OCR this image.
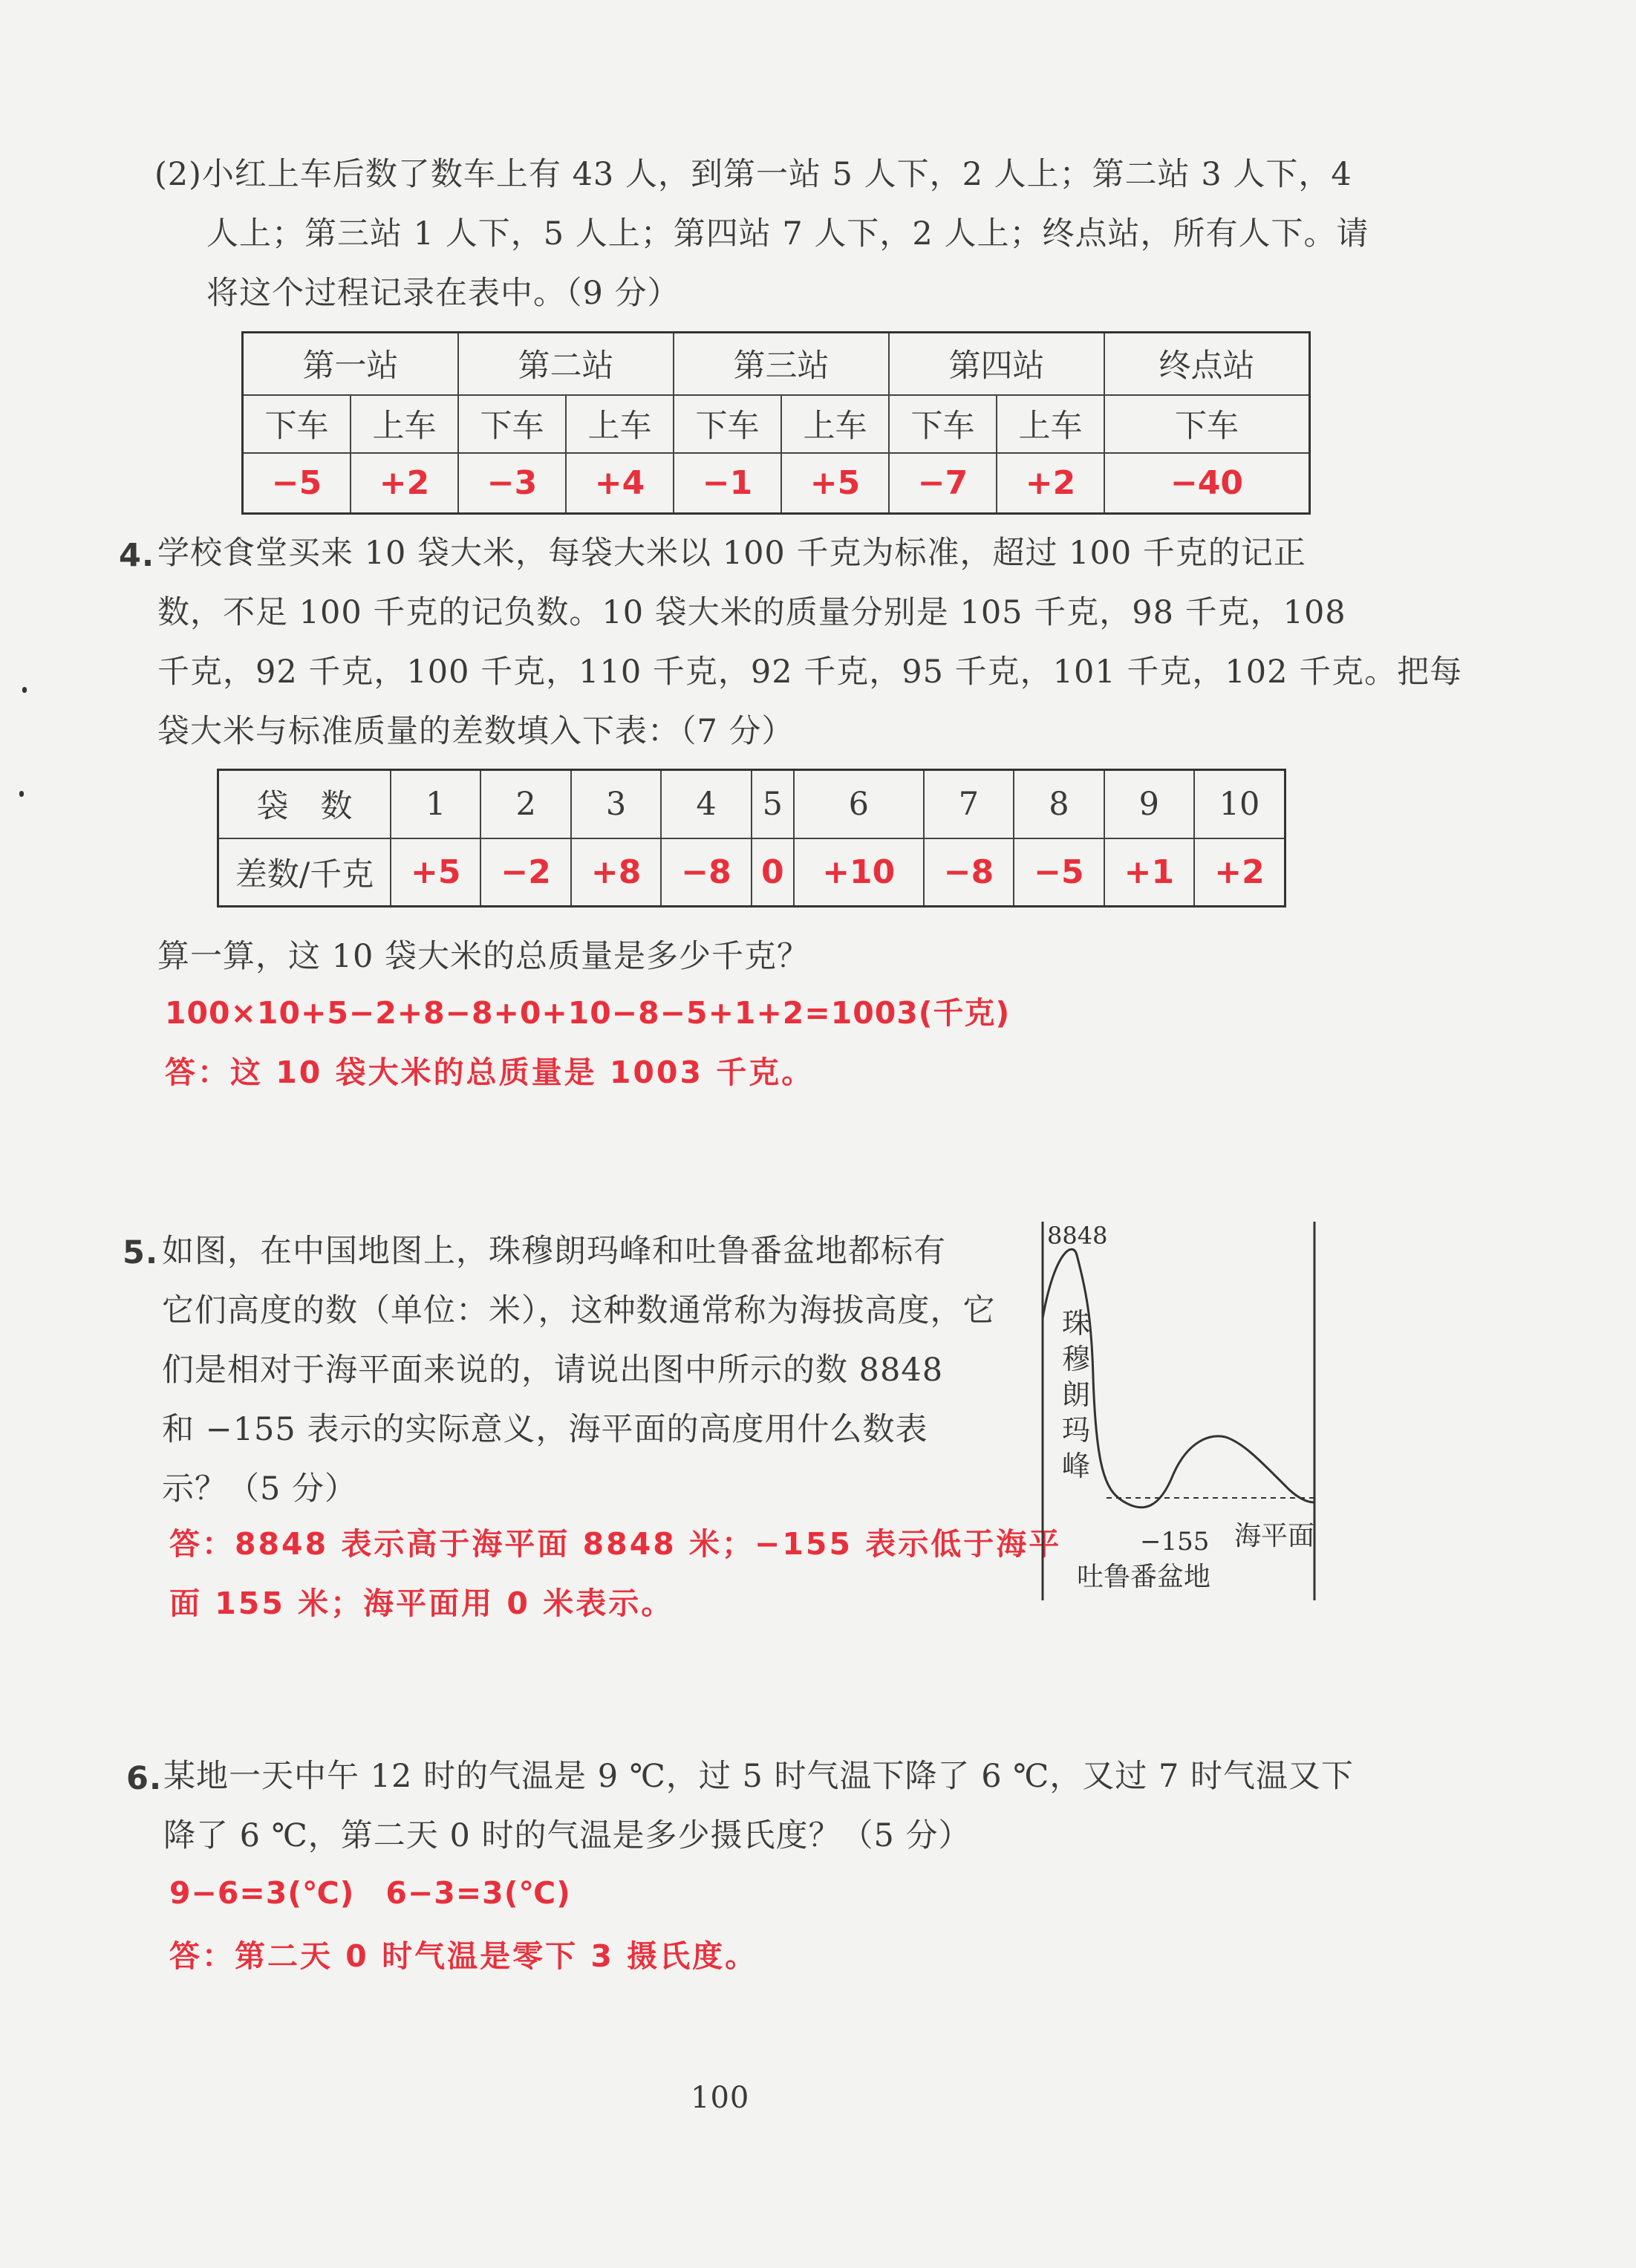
(2)小红上车后数了数车上有 43 人，到第一站 5 人下，2 人上；第二站 3 人下，4
人上；第三站 1 人下，5 人上；第四站 7 人下，2 人上；终点站，所有人下。请
将这个过程记录在表中。（9 分）
第一站		第二站		第三站		第四站		终点站
下车	上车	下车	上车	下车	上车	下车	上车	下车
−5	+2	−3	+4	−1	+5	−7	+2	−40
4. 学校食堂买来 10 袋大米，每袋大米以 100 千克为标准，超过 100 千克的记正
数，不足 100 千克的记负数。10 袋大米的质量分别是 105 千克，98 千克，108
千克，92 千克，100 千克，110 千克，92 千克，95 千克，101 千克，102 千克。把每
袋大米与标准质量的差数填入下表：（7 分）
袋　数	1	2	3	4	5	6	7	8	9	10
差数/千克	+5	−2	+8	−8	0	+10	−8	−5	+1	+2
算一算，这 10 袋大米的总质量是多少千克？
100×10+5−2+8−8+0+10−8−5+1+2=1003(千克)
答：这 10 袋大米的总质量是 1003 千克。
5. 如图，在中国地图上，珠穆朗玛峰和吐鲁番盆地都标有
它们高度的数（单位：米），这种数通常称为海拔高度，它
们是相对于海平面来说的，请说出图中所示的数 8848
和 −155 表示的实际意义，海平面的高度用什么数表
示？（5 分）
答：8848 表示高于海平面 8848 米；−155 表示低于海平
面 155 米；海平面用 0 米表示。
8848
珠
穆
朗
玛
峰
−155 海平面
吐鲁番盆地
6. 某地一天中午 12 时的气温是 9 ℃，过 5 时气温下降了 6 ℃，又过 7 时气温又下
降了 6 ℃，第二天 0 时的气温是多少摄氏度？（5 分）
9−6=3(℃)　6−3=3(℃)
答：第二天 0 时气温是零下 3 摄氏度。
100
